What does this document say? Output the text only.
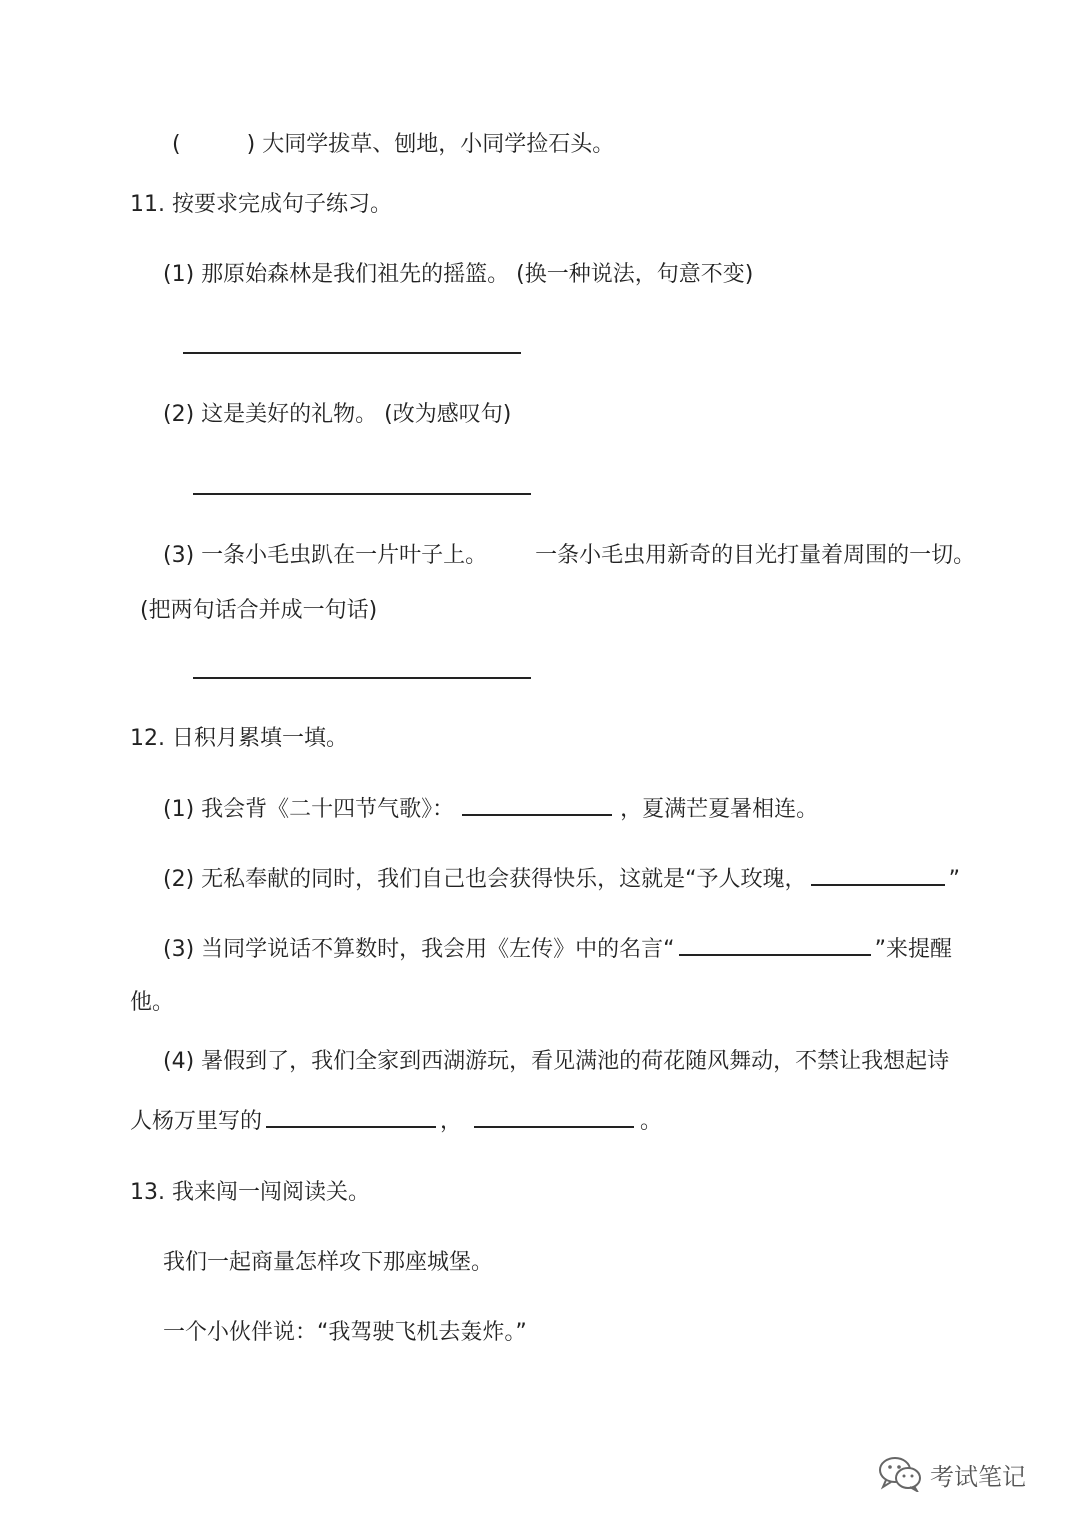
(	) 大同学拔草、刨地，小同学捡石头。
11. 按要求完成句子练习。
(1) 那原始森林是我们祖先的摇篮。 (换一种说法，句意不变)
(2) 这是美好的礼物。 (改为感叹句)
(3) 一条小毛虫趴在一片叶子上。 一条小毛虫用新奇的目光打量着周围的一切。
(把两句话合并成一句话)
12. 日积月累填一填。
(1) 我会背《二十四节气歌》：	，夏满芒夏暑相连。
(2) 无私奉献的同时，我们自己也会获得快乐，这就是“予人玫瑰，	”
(3) 当同学说话不算数时，我会用《左传》中的名言“	”来提醒
他。
(4) 暑假到了，我们全家到西湖游玩，看见满池的荷花随风舞动，不禁让我想起诗
人杨万里写的	，	。
13. 我来闯一闯阅读关。
我们一起商量怎样攻下那座城堡。
一个小伙伴说：“我驾驶飞机去轰炸。”
考试笔记
